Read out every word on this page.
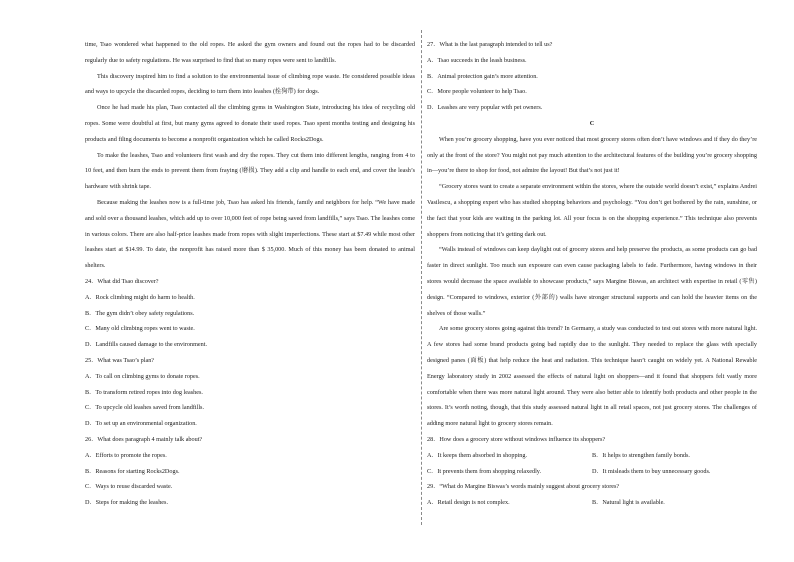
time, Tsao wondered what happened to the old ropes. He asked the gym owners and found out the ropes had to be discarded regularly due to safety regulations. He was surprised to find that so many ropes were sent to landfills.

This discovery inspired him to find a solution to the environmental issue of climbing rope waste. He considered possible ideas and ways to upcycle the discarded ropes, deciding to turn them into leashes (拴狗带) for dogs.

Once he had made his plan, Tsao contacted all the climbing gyms in Washington State, introducing his idea of recycling old ropes. Some were doubtful at first, but many gyms agreed to donate their used ropes. Tsao spent months testing and designing his products and filing documents to become a nonprofit organization which he called Rocks2Dogs.

To make the leashes, Tsao and volunteers first wash and dry the ropes. They cut them into different lengths, ranging from 4 to 10 feet, and then burn the ends to prevent them from fraying (磨损). They add a clip and handle to each end, and cover the leash’s hardware with shrink tape.

Because making the leashes now is a full-time job, Tsao has asked his friends, family and neighbors for help. “We have made and sold over a thousand leashes, which add up to over 10,000 feet of rope being saved from landfills,” says Tsao. The leashes come in various colors. There are also half-price leashes made from ropes with slight imperfections. These start at $7.49 while most other leashes start at $14.99. To date, the nonprofit has raised more than $ 35,000. Much of this money has been donated to animal shelters.

24．What did Tsao discover?

A．Rock climbing might do harm to health.

B．The gym didn’t obey safety regulations.

C．Many old climbing ropes went to waste.

D．Landfills caused damage to the environment.

25．What was Tsao’s plan?

A．To call on climbing gyms to donate ropes.

B．To transform retired ropes into dog leashes.

C．To upcycle old leashes saved from landfills.

D．To set up an environmental organization.

26．What does paragraph 4 mainly talk about?

A．Efforts to promote the ropes.

B．Reasons for starting Rocks2Dogs.

C．Ways to reuse discarded waste.

D．Steps for making the leashes.

27．What is the last paragraph intended to tell us?

A．Tsao succeeds in the leash business.

B．Animal protection gain’s more attention.

C．More people volunteer to help Tsao.

D．Leashes are very popular with pet owners.

C

When you’re grocery shopping, have you ever noticed that most grocery stores often don’t have windows and if they do they’re only at the front of the store? You might not pay much attention to the architectural features of the building you’re grocery shopping in—you’re there to shop for food, not admire the layout! But that’s not just it!

“Grocery stores want to create a separate environment within the stores, where the outside world doesn’t exist,” explains Andrei Vasilescu, a shopping expert who has studied shopping behaviors and psychology. “You don’t get bothered by the rain, sunshine, or the fact that your kids are waiting in the parking lot. All your focus is on the shopping experience.” This technique also prevents shoppers from noticing that it’s getting dark out.

“Walls instead of windows can keep daylight out of grocery stores and help preserve the products, as some products can go bad faster in direct sunlight. Too much sun exposure can even cause packaging labels to fade. Furthermore, having windows in their stores would decrease the space available to showcase products,” says Margine Biswas, an architect with expertise in retail (零售) design. “Compared to windows, exterior (外部的) walls have stronger structural supports and can hold the heavier items on the shelves of those walls.”

Are some grocery stores going against this trend? In Germany, a study was conducted to test out stores with more natural light. A few stores had some brand products going bad rapidly due to the sunlight. They needed to replace the glass with specially designed panes (面板) that help reduce the heat and radiation. This technique hasn’t caught on widely yet. A National Rewable Energy laboratory study in 2002 assessed the effects of natural light on shoppers—and it found that shoppers felt vastly more comfortable when there was more natural light around. They were also better able to identify both products and other people in the stores. It’s worth noting, though, that this study assessed natural light in all retail spaces, not just grocery stores. The challenges of adding more natural light to grocery stores remain.

28．How does a grocery store without windows influence its shoppers?

A．It keeps them absorbed in shopping.	B．It helps to strengthen family bonds.
C．It prevents them from shopping relaxedly.	D．It misleads them to buy unnecessary goods.

29．“What do Margine Biswas’s words mainly suggest about grocery stores?

A．Retail design is not complex.	B．Natural light is available.
